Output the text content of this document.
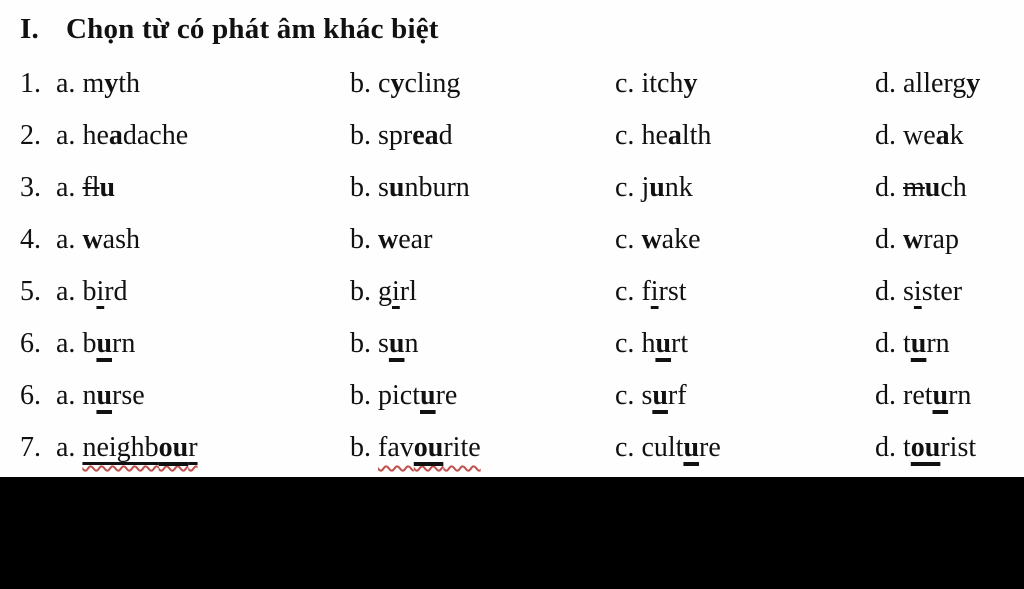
I. Chọn từ có phát âm khác biệt
1.a. myth	b. cycling	c. itchy	d. allergy
2.a. headache	b. spread	c. health	d. weak
3.a. flu	b. sunburn	c. junk	d. much
4.a. wash	b. wear	c. wake	d. wrap
5.a. bird	b. girl	c. first	d. sister
6.a. burn	b. sun	c. hurt	d. turn
6.a. nurse	b. picture	c. surf	d. return
7.a. neighbour	b. favourite	c. culture	d. tourist
